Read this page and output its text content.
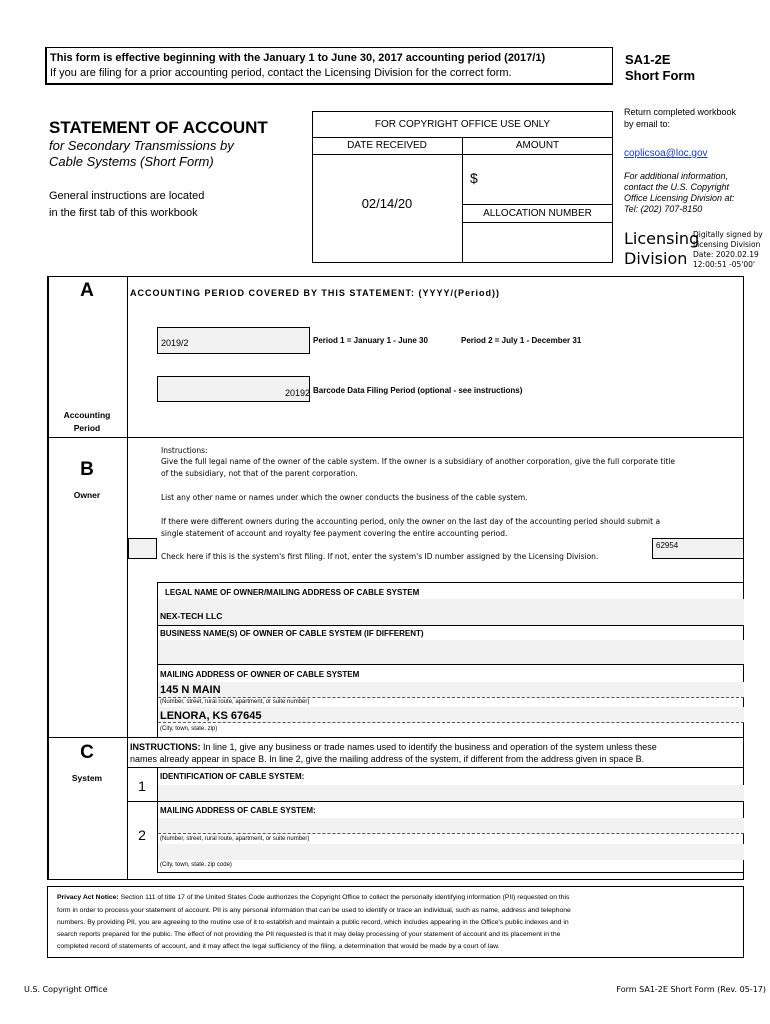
This form is effective beginning with the January 1 to June 30, 2017 accounting period (2017/1)
If you are filing for a prior accounting period, contact the Licensing Division for the correct form.
SA1-2E
Short Form
STATEMENT OF ACCOUNT
for Secondary Transmissions by
Cable Systems (Short Form)
General instructions are located
in the first tab of this workbook
FOR COPYRIGHT OFFICE USE ONLY
DATE RECEIVED	AMOUNT
02/14/20
$
ALLOCATION NUMBER
Return completed workbook
by email to:
coplicsoa@loc.gov
For additional information,
contact the U.S. Copyright
Office Licensing Division at:
Tel: (202) 707-8150
Licensing
Division
Digitally signed by
Licensing Division
Date: 2020.02.19
12:00:51 -05'00'
A	ACCOUNTING PERIOD COVERED BY THIS STATEMENT: (YYYY/(Period))
2019/2	Period 1 = January 1 - June 30	Period 2 = July 1 - December 31
20192 Barcode Data Filing Period (optional - see instructions)
Accounting
Period
B
Owner
Instructions:
Give the full legal name of the owner of the cable system. If the owner is a subsidiary of another corporation, give the full corporate title
of the subsidiary, not that of the parent corporation.
List any other name or names under which the owner conducts the business of the cable system.
If there were different owners during the accounting period, only the owner on the last day of the accounting period should submit a
single statement of account and royalty fee payment covering the entire accounting period.
62954
Check here if this is the system's first filing. If not, enter the system's ID number assigned by the Licensing Division.
LEGAL NAME OF OWNER/MAILING ADDRESS OF CABLE SYSTEM
NEX-TECH LLC
BUSINESS NAME(S) OF OWNER OF CABLE SYSTEM (IF DIFFERENT)
MAILING ADDRESS OF OWNER OF CABLE SYSTEM
145 N MAIN
(Number, street, rural route, apartment, or suite number)
LENORA, KS 67645
(City, town, state, zip)
C
System
INSTRUCTIONS: In line 1, give any business or trade names used to identify the business and operation of the system unless these
names already appear in space B. In line 2, give the mailing address of the system, if different from the address given in space B.
1
IDENTIFICATION OF CABLE SYSTEM:
MAILING ADDRESS OF CABLE SYSTEM:
2	(Number, street, rural route, apartment, or suite number)
(City, town, state, zip code)
Privacy Act Notice: Section 111 of title 17 of the United States Code authorizes the Copyright Office to collect the personally identifying information (PII) requested on this
form in order to process your statement of account. PII is any personal information that can be used to identify or trace an individual, such as name, address and telephone
numbers. By providing PII, you are agreeing to the routine use of it to establish and maintain a public record, which includes appearing in the Office's public indexes and in
search reports prepared for the public. The effect of not providing the PII requested is that it may delay processing of your statement of account and its placement in the
completed record of statements of account, and it may affect the legal sufficiency of the filing, a determination that would be made by a court of law.
U.S. Copyright Office	Form SA1-2E Short Form (Rev. 05-17)
